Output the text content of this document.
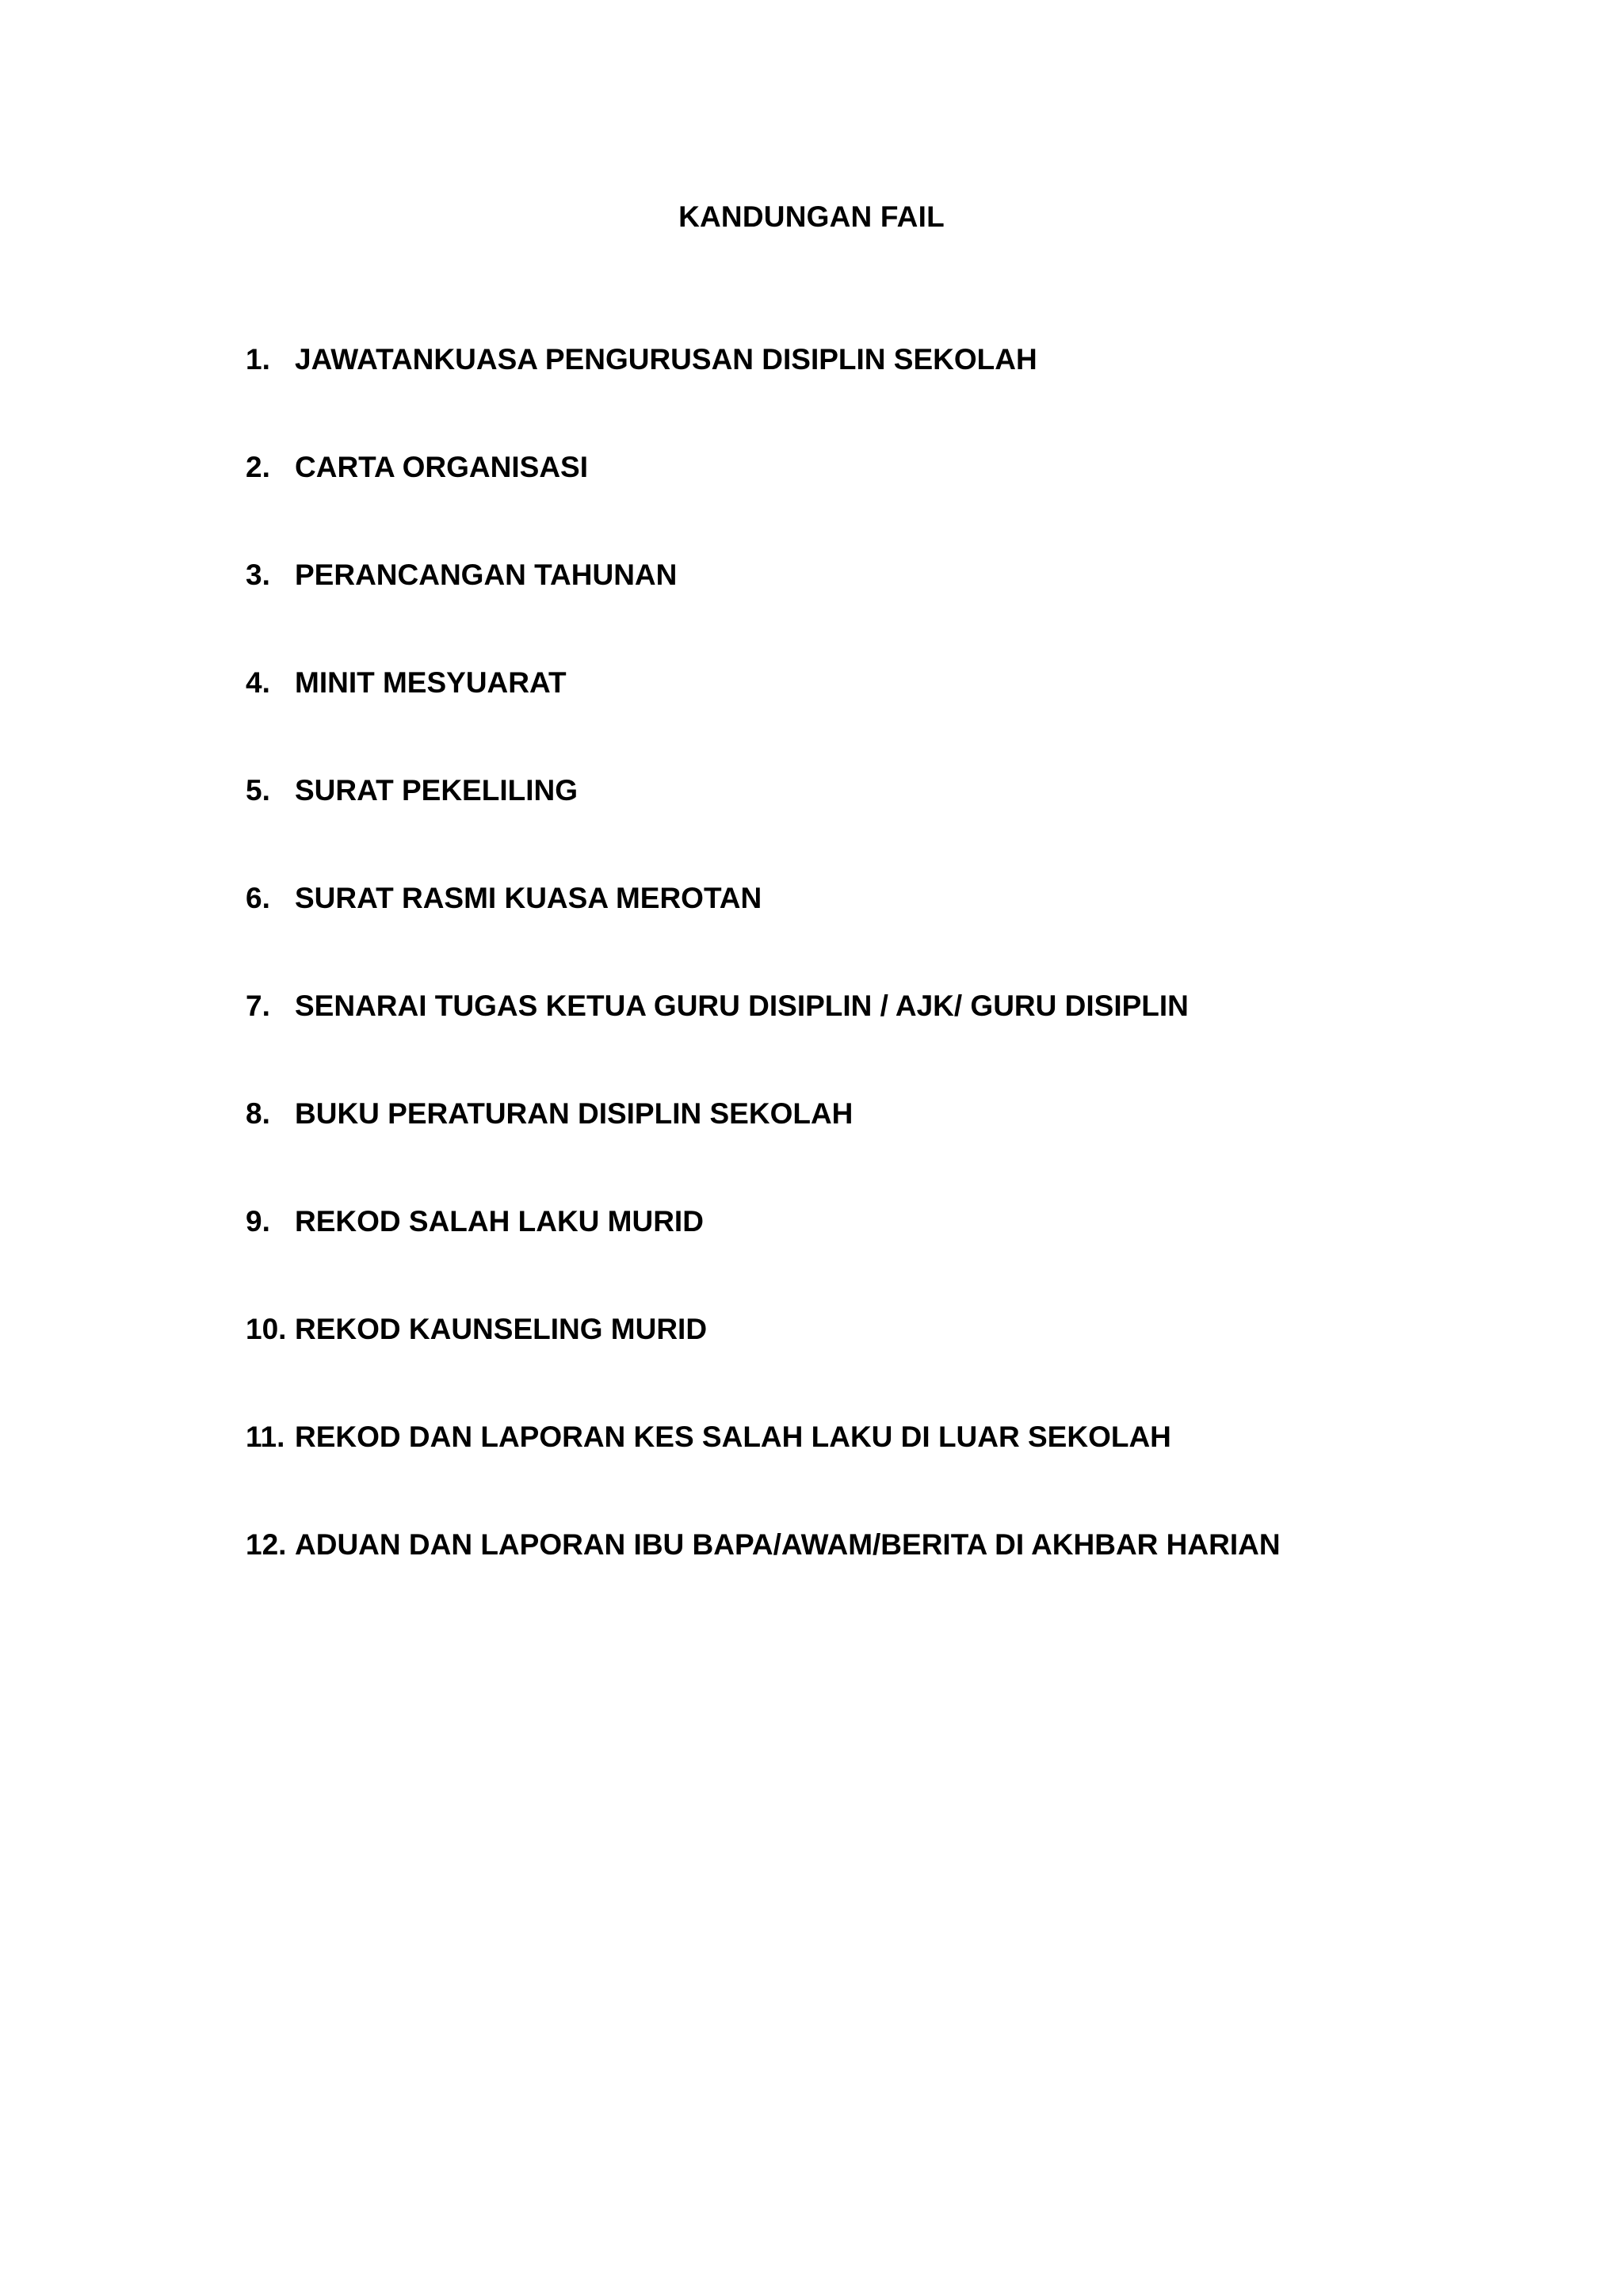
KANDUNGAN FAIL
1. JAWATANKUASA PENGURUSAN DISIPLIN SEKOLAH
2. CARTA ORGANISASI
3. PERANCANGAN TAHUNAN
4. MINIT MESYUARAT
5. SURAT PEKELILING
6. SURAT RASMI KUASA MEROTAN
7. SENARAI TUGAS KETUA GURU DISIPLIN / AJK/ GURU DISIPLIN
8. BUKU PERATURAN DISIPLIN SEKOLAH
9. REKOD SALAH LAKU MURID
10. REKOD KAUNSELING MURID
11. REKOD DAN LAPORAN KES SALAH LAKU DI LUAR SEKOLAH
12. ADUAN DAN LAPORAN IBU BAPA/AWAM/BERITA DI AKHBAR HARIAN
